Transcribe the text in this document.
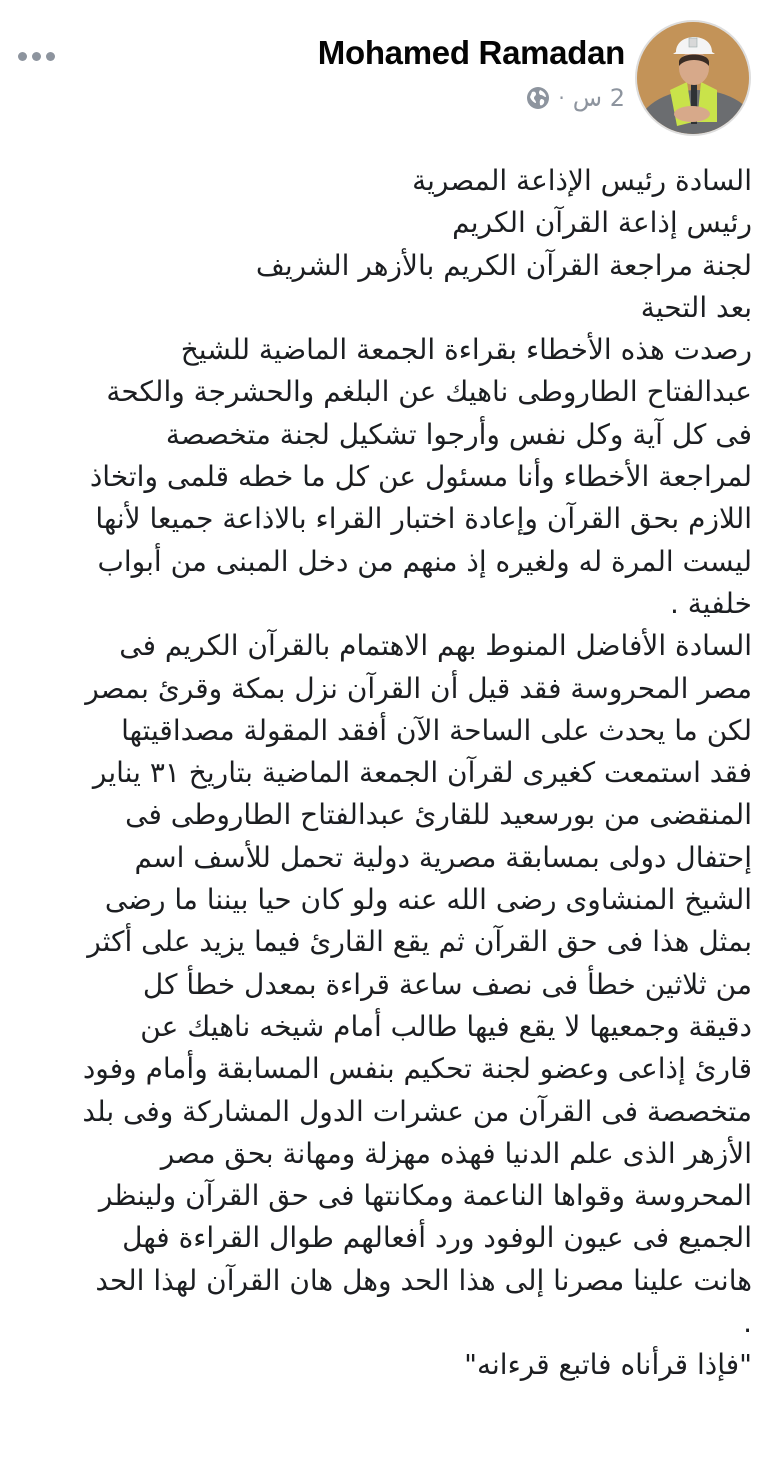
Mohamed Ramadan
2 س
·
السادة رئيس الإذاعة المصرية
رئيس إذاعة القرآن الكريم
لجنة مراجعة القرآن الكريم بالأزهر الشريف
بعد التحية
رصدت هذه الأخطاء بقراءة الجمعة الماضية للشيخ
عبدالفتاح الطاروطى ناهيك عن البلغم والحشرجة والكحة
فى كل آية وكل نفس وأرجوا تشكيل لجنة متخصصة
لمراجعة الأخطاء وأنا مسئول عن كل ما خطه قلمى واتخاذ
اللازم بحق القرآن وإعادة اختبار القراء بالاذاعة جميعا لأنها
ليست المرة له ولغيره إذ منهم من دخل المبنى من أبواب
خلفية .
السادة الأفاضل المنوط بهم الاهتمام بالقرآن الكريم فى
مصر المحروسة فقد قيل أن القرآن نزل بمكة وقرئ بمصر
لكن ما يحدث على الساحة الآن أفقد المقولة مصداقيتها
فقد استمعت كغيرى لقرآن الجمعة الماضية بتاريخ ٣١ يناير
المنقضى من بورسعيد للقارئ عبدالفتاح الطاروطى فى
إحتفال دولى بمسابقة مصرية دولية تحمل للأسف اسم
الشيخ المنشاوى رضى الله عنه ولو كان حيا بيننا ما رضى
بمثل هذا فى حق القرآن ثم يقع القارئ فيما يزيد على أكثر
من ثلاثين خطأ فى نصف ساعة قراءة بمعدل خطأ كل
دقيقة وجمعيها لا يقع فيها طالب أمام شيخه ناهيك عن
قارئ إذاعى وعضو لجنة تحكيم بنفس المسابقة وأمام وفود
متخصصة فى القرآن من عشرات الدول المشاركة وفى بلد
الأزهر الذى علم الدنيا فهذه مهزلة ومهانة بحق مصر
المحروسة وقواها الناعمة ومكانتها فى حق القرآن ولينظر
الجميع فى عيون الوفود ورد أفعالهم طوال القراءة فهل
هانت علينا مصرنا إلى هذا الحد وهل هان القرآن لهذا الحد
.
"فإذا قرأناه فاتبع قرءانه"
